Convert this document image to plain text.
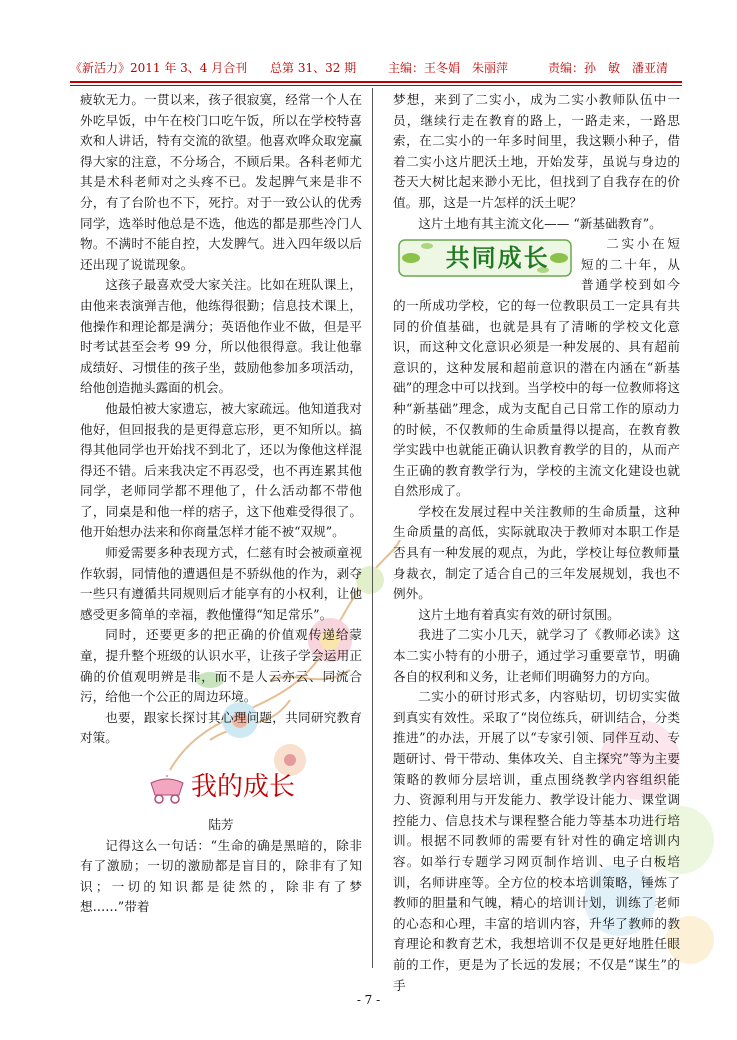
《新活力》2011 年 3、4 月合刊 总第 31、32 期	主编：王冬娟　朱丽萍	责编：孙　敏　潘亚清

疲软无力。一贯以来，孩子很寂寞，经常一个人在外吃早饭，中午在校门口吃午饭，所以在学校特喜欢和人讲话，特有交流的欲望。他喜欢哗众取宠赢得大家的注意，不分场合，不顾后果。各科老师尤其是术科老师对之头疼不已。发起脾气来是非不分，有了台阶也不下，死拧。对于一致公认的优秀同学，选举时他总是不选，他选的都是那些冷门人物。不满时不能自控，大发脾气。进入四年级以后还出现了说谎现象。

这孩子最喜欢受大家关注。比如在班队课上，由他来表演弹吉他，他练得很勤；信息技术课上，他操作和理论都是满分；英语他作业不做，但是平时考试甚至会考 99 分，所以他很得意。我让他靠成绩好、习惯佳的孩子坐，鼓励他参加多项活动，给他创造抛头露面的机会。

他最怕被大家遗忘，被大家疏远。他知道我对他好，但回报我的是更得意忘形，更不知所以。搞得其他同学也开始找不到北了，还以为像他这样混得还不错。后来我决定不再忍受，也不再连累其他同学，老师同学都不理他了，什么活动都不带他了，同桌是和他一样的痞子，这下他难受得很了。他开始想办法来和你商量怎样才能不被“双规”。

师爱需要多种表现方式，仁慈有时会被顽童视作软弱，同情他的遭遇但是不骄纵他的作为，剥夺一些只有遵循共同规则后才能享有的小权利，让他感受更多简单的幸福，教他懂得“知足常乐”。

同时，还要更多的把正确的价值观传递给蒙童，提升整个班级的认识水平，让孩子学会运用正确的价值观明辨是非，而不是人云亦云、同流合污，给他一个公正的周边环境。

也要，跟家长探讨其心理问题，共同研究教育对策。

我的成长

陆芳

记得这么一句话：“生命的确是黑暗的，除非有了激励；一切的激励都是盲目的，除非有了知识；一切的知识都是徒然的，除非有了梦想……”带着

梦想，来到了二实小，成为二实小教师队伍中一员，继续行走在教育的路上，一路走来，一路思索，在二实小的一年多时间里，我这颗小种子，借着二实小这片肥沃土地，开始发芽，虽说与身边的苍天大树比起来渺小无比，但找到了自我存在的价值。那，这是一片怎样的沃土呢？

这片土地有其主流文化—— “新基础教育”。

共同成长
二实小在短短的二十年，从普通学校到如今的一所成功学校，它的每一位教职员工一定具有共同的价值基础，也就是具有了清晰的学校文化意识，而这种文化意识必须是一种发展的、具有超前意识的，这种发展和超前意识的潜在内涵在“新基础”的理念中可以找到。当学校中的每一位教师将这种“新基础”理念，成为支配自己日常工作的原动力的时候，不仅教师的生命质量得以提高，在教育教学实践中也就能正确认识教育教学的目的，从而产生正确的教育教学行为，学校的主流文化建设也就自然形成了。

学校在发展过程中关注教师的生命质量，这种生命质量的高低，实际就取决于教师对本职工作是否具有一种发展的观点，为此，学校让每位教师量身裁衣，制定了适合自己的三年发展规划，我也不例外。

这片土地有着真实有效的研讨氛围。

我进了二实小几天，就学习了《教师必读》这本二实小特有的小册子，通过学习重要章节，明确各自的权利和义务，让老师们明确努力的方向。

二实小的研讨形式多，内容贴切，切切实实做到真实有效性。采取了“岗位练兵，研训结合，分类推进”的办法，开展了以“专家引领、同伴互动、专题研讨、骨干带动、集体攻关、自主探究”等为主要策略的教师分层培训，重点围绕教学内容组织能力、资源利用与开发能力、教学设计能力、课堂调控能力、信息技术与课程整合能力等基本功进行培训。根据不同教师的需要有针对性的确定培训内容。如举行专题学习网页制作培训、电子白板培训，名师讲座等。全方位的校本培训策略，锤炼了教师的胆量和气魄，精心的培训计划，训练了老师的心态和心理，丰富的培训内容，升华了教师的教育理论和教育艺术，我想培训不仅是更好地胜任眼前的工作，更是为了长远的发展；不仅是“谋生”的手

- 7 -
